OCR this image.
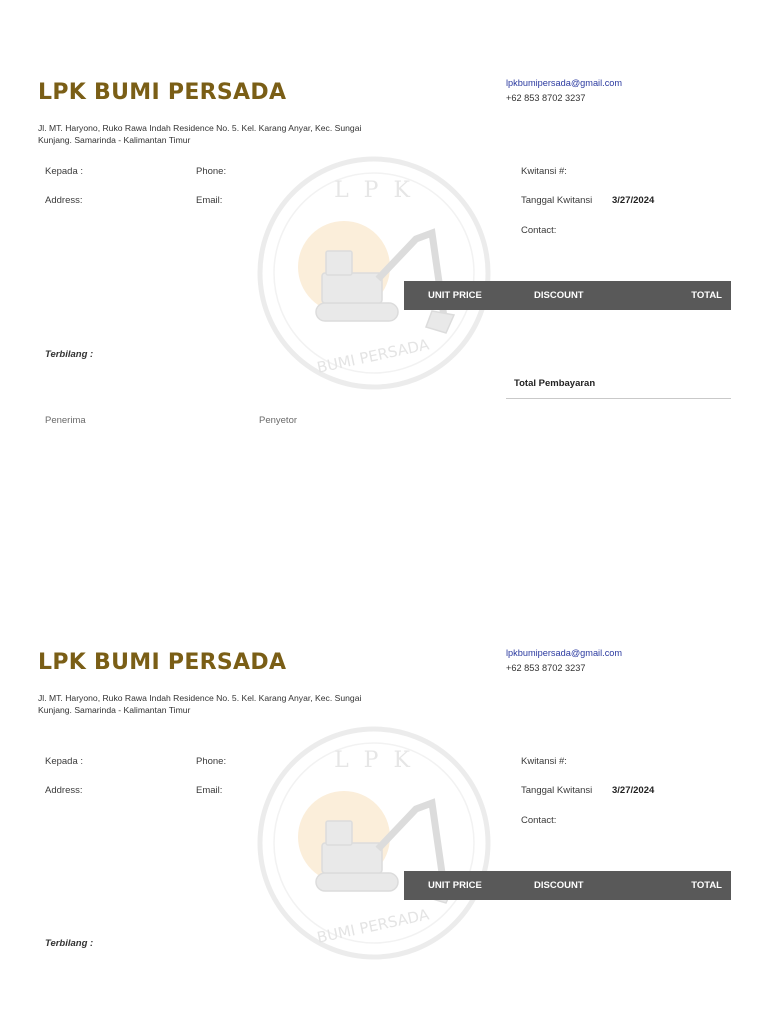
L P K
BUMI PERSADA
LPK BUMI PERSADA
Jl. MT. Haryono, Ruko Rawa Indah Residence No. 5. Kel. Karang Anyar, Kec. Sungai Kunjang. Samarinda - Kalimantan Timur
lpkbumipersada@gmail.com
+62 853 8702 3237
Kepada :	Phone:	Kwitansi #:
Address:	Email:	Tanggal Kwitansi 3/27/2024
Contact:
UNIT PRICE	DISCOUNT	TOTAL
Terbilang :
Total Pembayaran
Penerima	Penyetor
L P K
BUMI PERSADA
LPK BUMI PERSADA
Jl. MT. Haryono, Ruko Rawa Indah Residence No. 5. Kel. Karang Anyar, Kec. Sungai Kunjang. Samarinda - Kalimantan Timur
lpkbumipersada@gmail.com
+62 853 8702 3237
Kepada :	Phone:	Kwitansi #:
Address:	Email:	Tanggal Kwitansi 3/27/2024
Contact:
UNIT PRICE	DISCOUNT	TOTAL
Terbilang :
